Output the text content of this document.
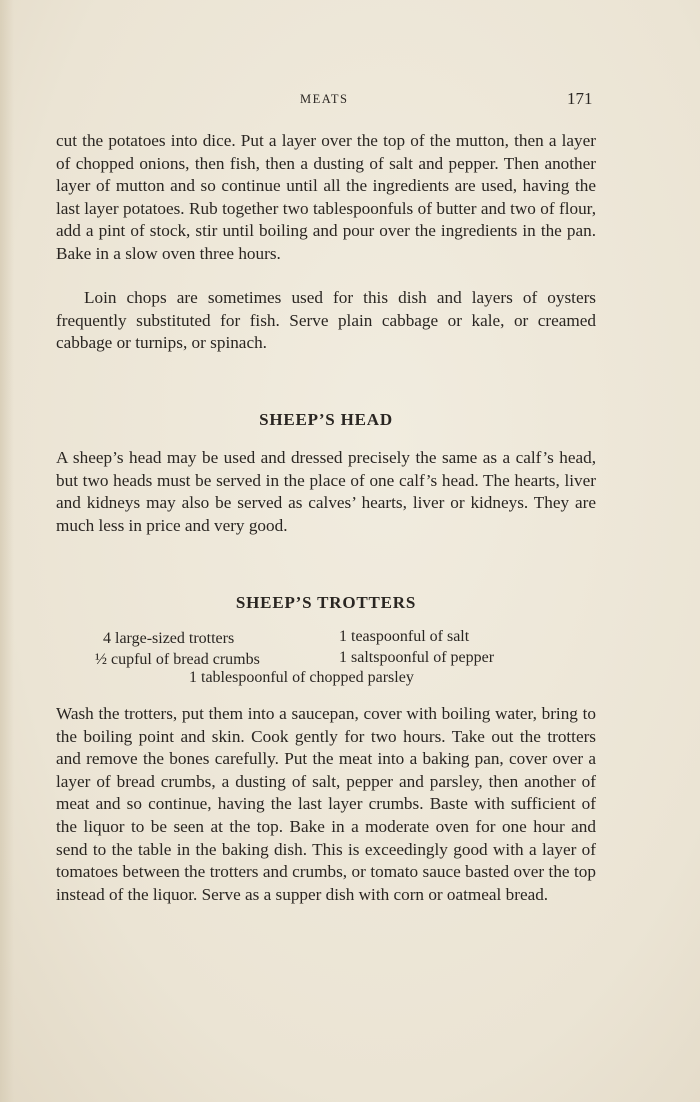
MEATS	171

cut the potatoes into dice. Put a layer over the top of the mutton, then a layer of chopped onions, then fish, then a dusting of salt and pepper. Then another layer of mutton and so continue until all the ingredients are used, having the last layer potatoes. Rub together two tablespoonfuls of butter and two of flour, add a pint of stock, stir until boiling and pour over the ingredients in the pan. Bake in a slow oven three hours.

Loin chops are sometimes used for this dish and layers of oysters frequently substituted for fish. Serve plain cabbage or kale, or creamed cabbage or turnips, or spinach.

SHEEP’S HEAD

A sheep’s head may be used and dressed precisely the same as a calf’s head, but two heads must be served in the place of one calf’s head. The hearts, liver and kidneys may also be served as calves’ hearts, liver or kidneys. They are much less in price and very good.

SHEEP’S TROTTERS
4 large-sized trotters	1 teaspoonful of salt
½ cupful of bread crumbs	1 saltspoonful of pepper
1 tablespoonful of chopped parsley

Wash the trotters, put them into a saucepan, cover with boiling water, bring to the boiling point and skin. Cook gently for two hours. Take out the trotters and remove the bones carefully. Put the meat into a baking pan, cover over a layer of bread crumbs, a dusting of salt, pepper and parsley, then another of meat and so continue, having the last layer crumbs. Baste with sufficient of the liquor to be seen at the top. Bake in a moderate oven for one hour and send to the table in the baking dish. This is exceedingly good with a layer of tomatoes between the trotters and crumbs, or tomato sauce basted over the top instead of the liquor. Serve as a supper dish with corn or oatmeal bread.
